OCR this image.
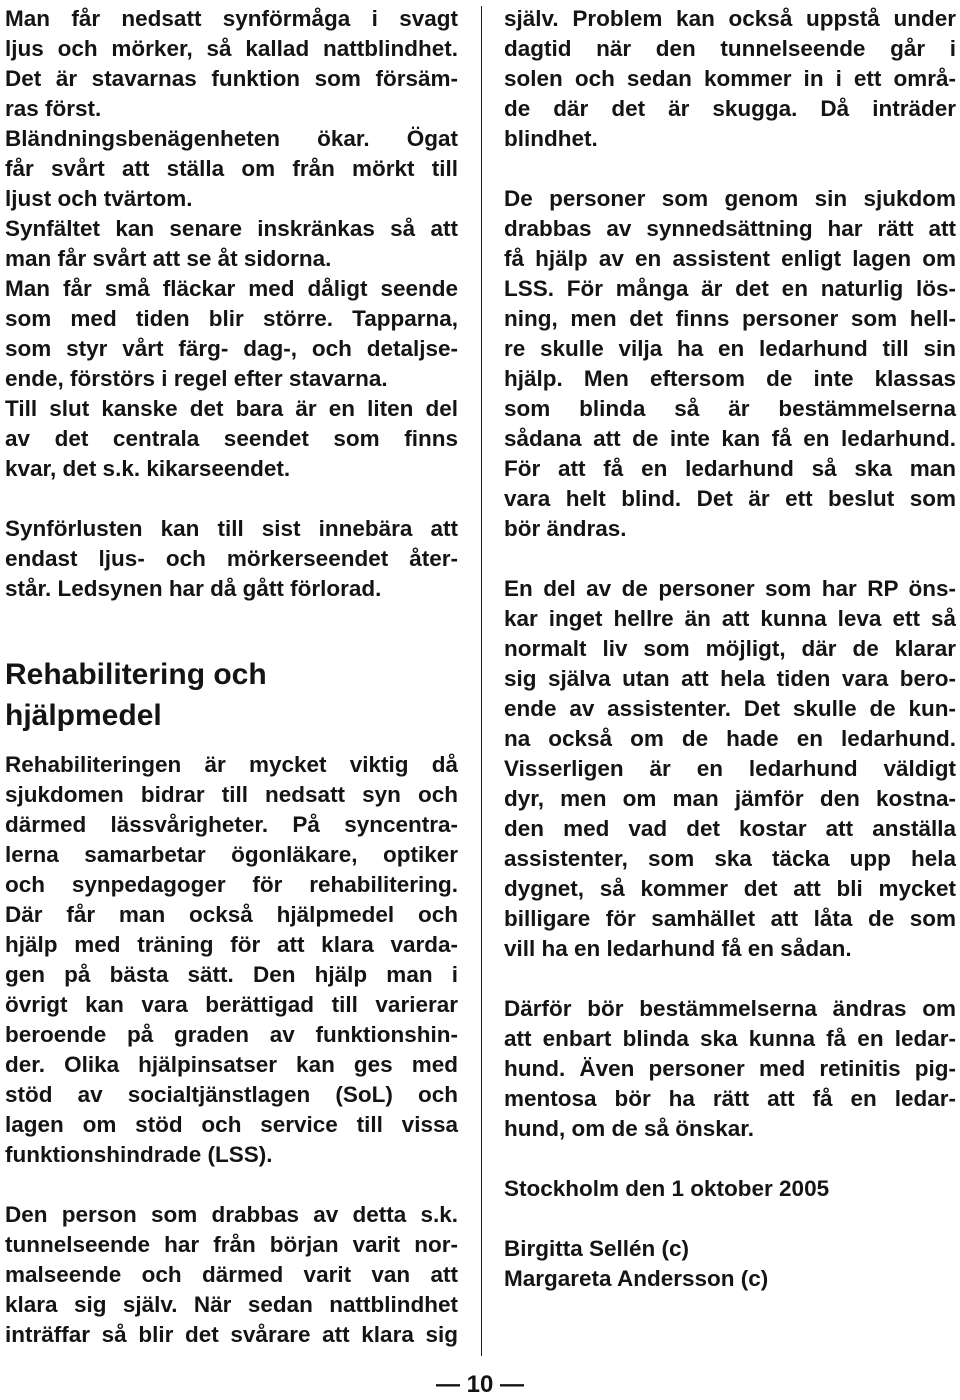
Man får nedsatt synförmåga i svagt
ljus och mörker, så kallad nattblindhet.
Det är stavarnas funktion som försäm-
ras först.
Bländningsbenägenheten ökar. Ögat
får svårt att ställa om från mörkt till
ljust och tvärtom.
Synfältet kan senare inskränkas så att
man får svårt att se åt sidorna.
Man får små fläckar med dåligt seende
som med tiden blir större. Tapparna,
som styr vårt färg- dag-, och detaljse-
ende, förstörs i regel efter stavarna.
Till slut kanske det bara är en liten del
av det centrala seendet som finns
kvar, det s.k. kikarseendet.
Synförlusten kan till sist innebära att
endast ljus- och mörkerseendet åter-
står. Ledsynen har då gått förlorad.
Rehabilitering och
hjälpmedel
Rehabiliteringen är mycket viktig då
sjukdomen bidrar till nedsatt syn och
därmed lässvårigheter. På syncentra-
lerna samarbetar ögonläkare, optiker
och synpedagoger för rehabilitering.
Där får man också hjälpmedel och
hjälp med träning för att klara varda-
gen på bästa sätt. Den hjälp man i
övrigt kan vara berättigad till varierar
beroende på graden av funktionshin-
der. Olika hjälpinsatser kan ges med
stöd av socialtjänstlagen (SoL) och
lagen om stöd och service till vissa
funktionshindrade (LSS).
Den person som drabbas av detta s.k.
tunnelseende har från början varit nor-
malseende och därmed varit van att
klara sig själv. När sedan nattblindhet
inträffar så blir det svårare att klara sig
själv. Problem kan också uppstå under
dagtid när den tunnelseende går i
solen och sedan kommer in i ett områ-
de där det är skugga. Då inträder
blindhet.
De personer som genom sin sjukdom
drabbas av synnedsättning har rätt att
få hjälp av en assistent enligt lagen om
LSS. För många är det en naturlig lös-
ning, men det finns personer som hell-
re skulle vilja ha en ledarhund till sin
hjälp. Men eftersom de inte klassas
som blinda så är bestämmelserna
sådana att de inte kan få en ledarhund.
För att få en ledarhund så ska man
vara helt blind. Det är ett beslut som
bör ändras.
En del av de personer som har RP öns-
kar inget hellre än att kunna leva ett så
normalt liv som möjligt, där de klarar
sig själva utan att hela tiden vara bero-
ende av assistenter. Det skulle de kun-
na också om de hade en ledarhund.
Visserligen är en ledarhund väldigt
dyr, men om man jämför den kostna-
den med vad det kostar att anställa
assistenter, som ska täcka upp hela
dygnet, så kommer det att bli mycket
billigare för samhället att låta de som
vill ha en ledarhund få en sådan.
Därför bör bestämmelserna ändras om
att enbart blinda ska kunna få en ledar-
hund. Även personer med retinitis pig-
mentosa bör ha rätt att få en ledar-
hund, om de så önskar.
Stockholm den 1 oktober 2005
Birgitta Sellén (c)
Margareta Andersson (c)
— 10 —
